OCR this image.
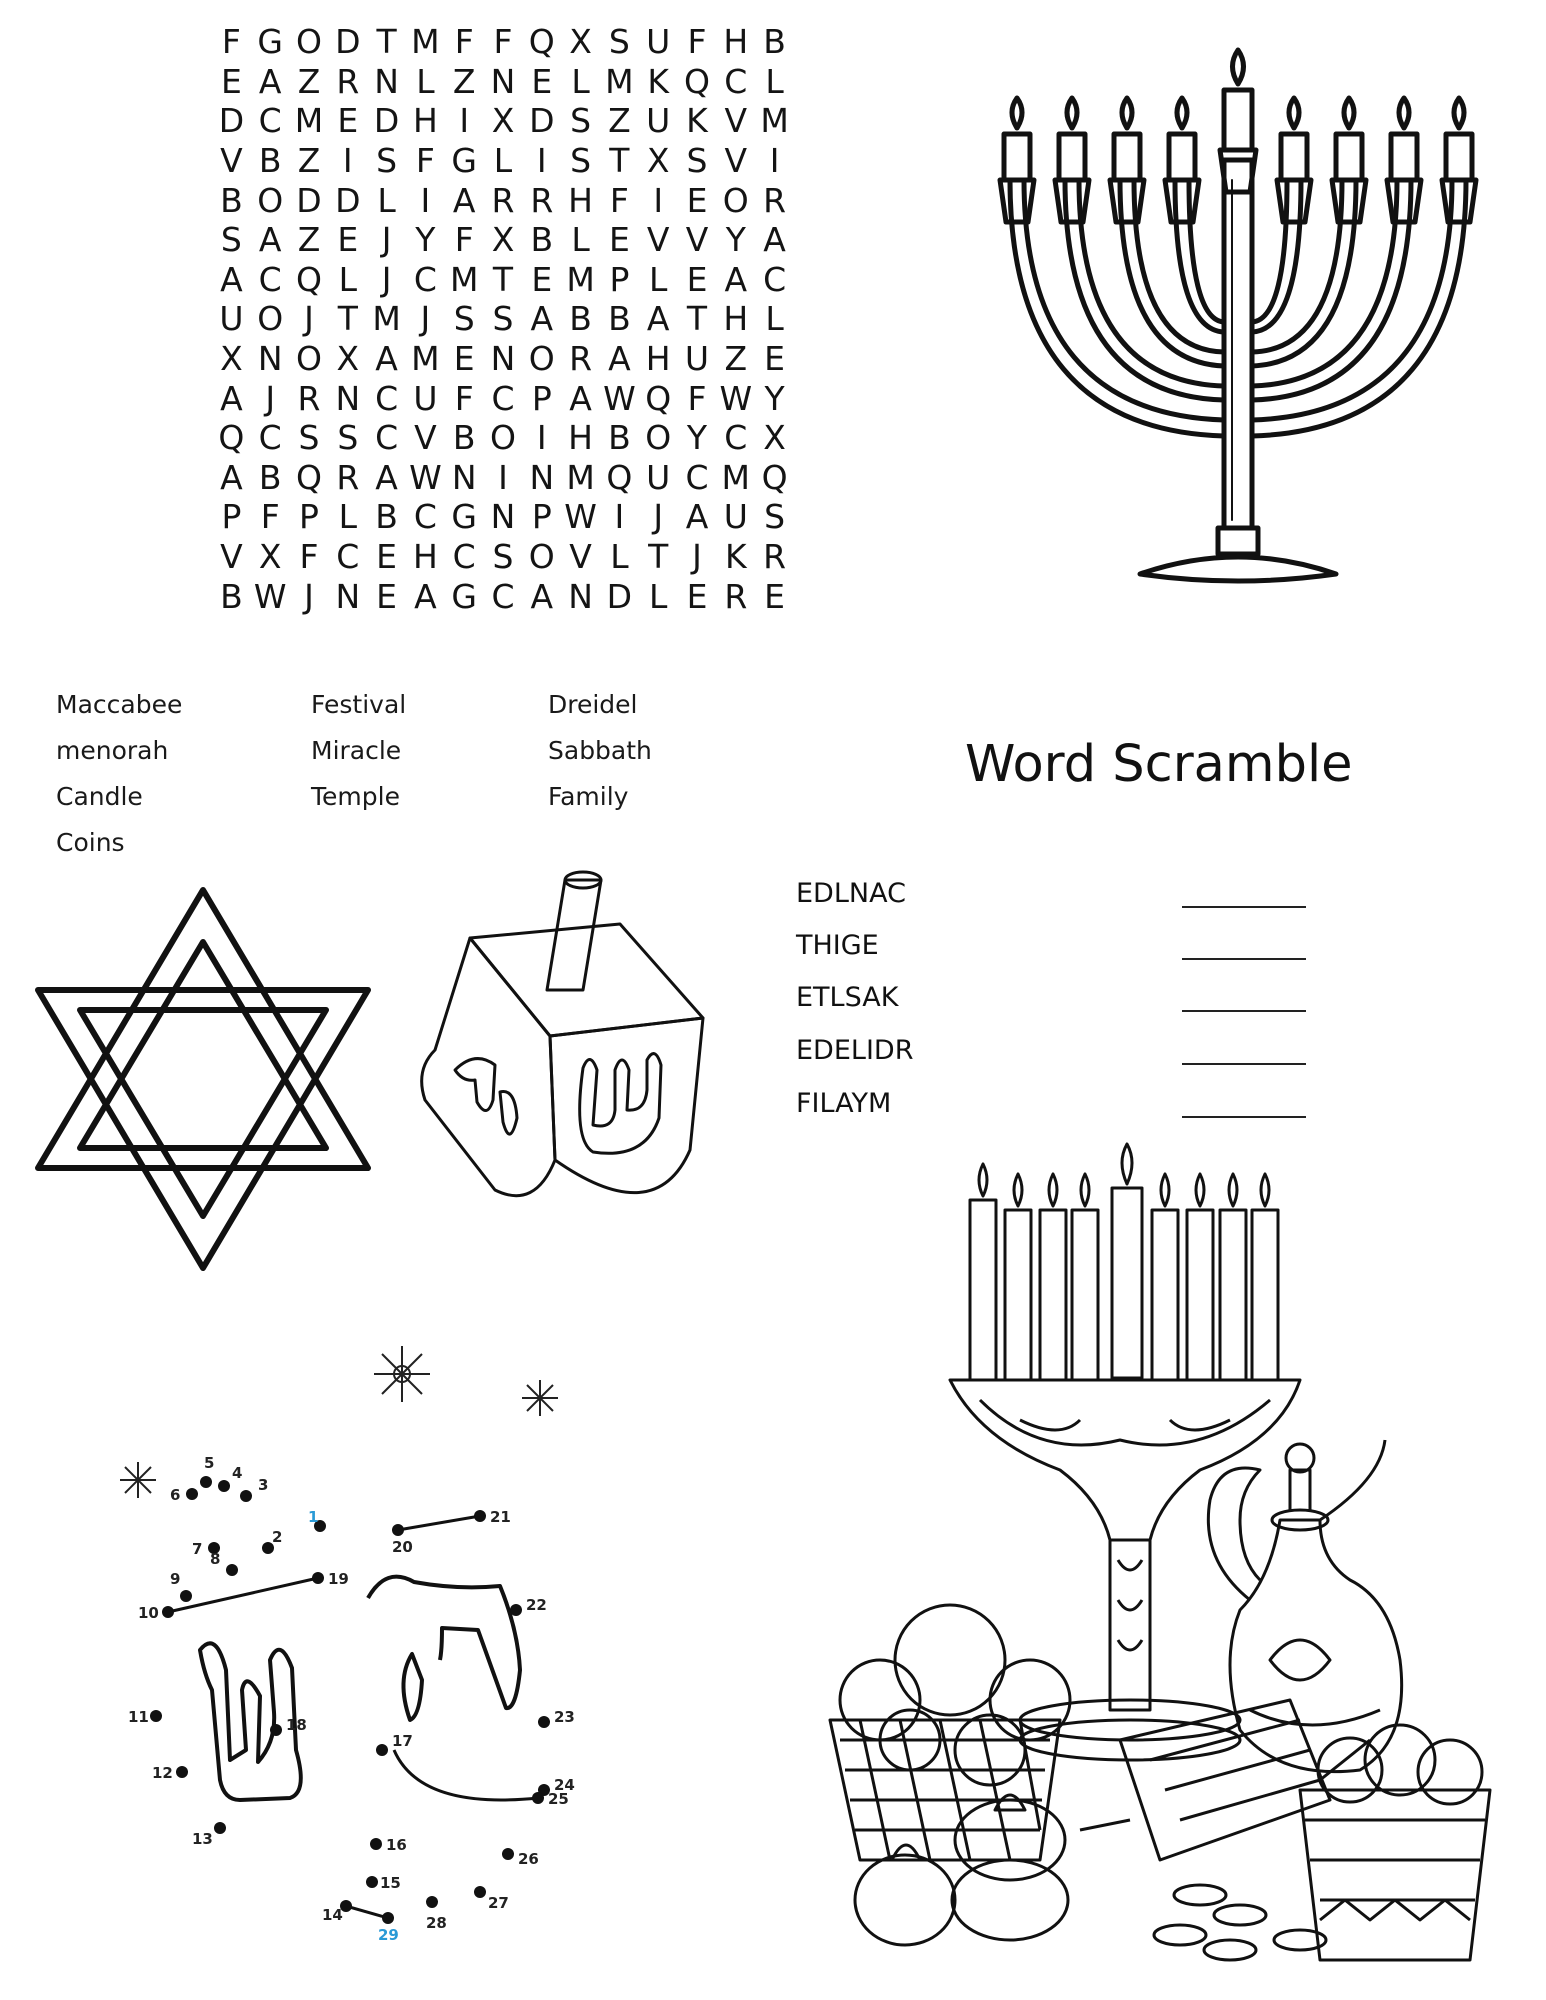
F G O D T M F F Q X S U F H B
E A Z R N L Z N E L M K Q C L
D C M E D H I X D S Z U K V M
V B Z I S F G L I S T X S V I
B O D D L I A R R H F I E O R
S A Z E J Y F X B L E V V Y A
A C Q L J C M T E M P L E A C
U O J T M J S S A B B A T H L
X N O X A M E N O R A H U Z E
A J R N C U F C P A W Q F W Y
Q C S S C V B O I H B O Y C X
A B Q R A W N I N M Q U C M Q
P F P L B C G N P W I J A U S
V X F C E H C S O V L T J K R
B W J N E A G C A N D L E R E
Maccabee	Festival	Dreidel
menorah	Miracle	Sabbath
Candle	Temple	Family
Coins
Word Scramble
EDLNAC
THIGE
ETLSAK
EDELIDR
FILAYM
1
2
3
4
5
6
7
8
9
10
11
12
13
14
15
16
17
18
19
20
21
22
23
24
25
26
27
28
29
